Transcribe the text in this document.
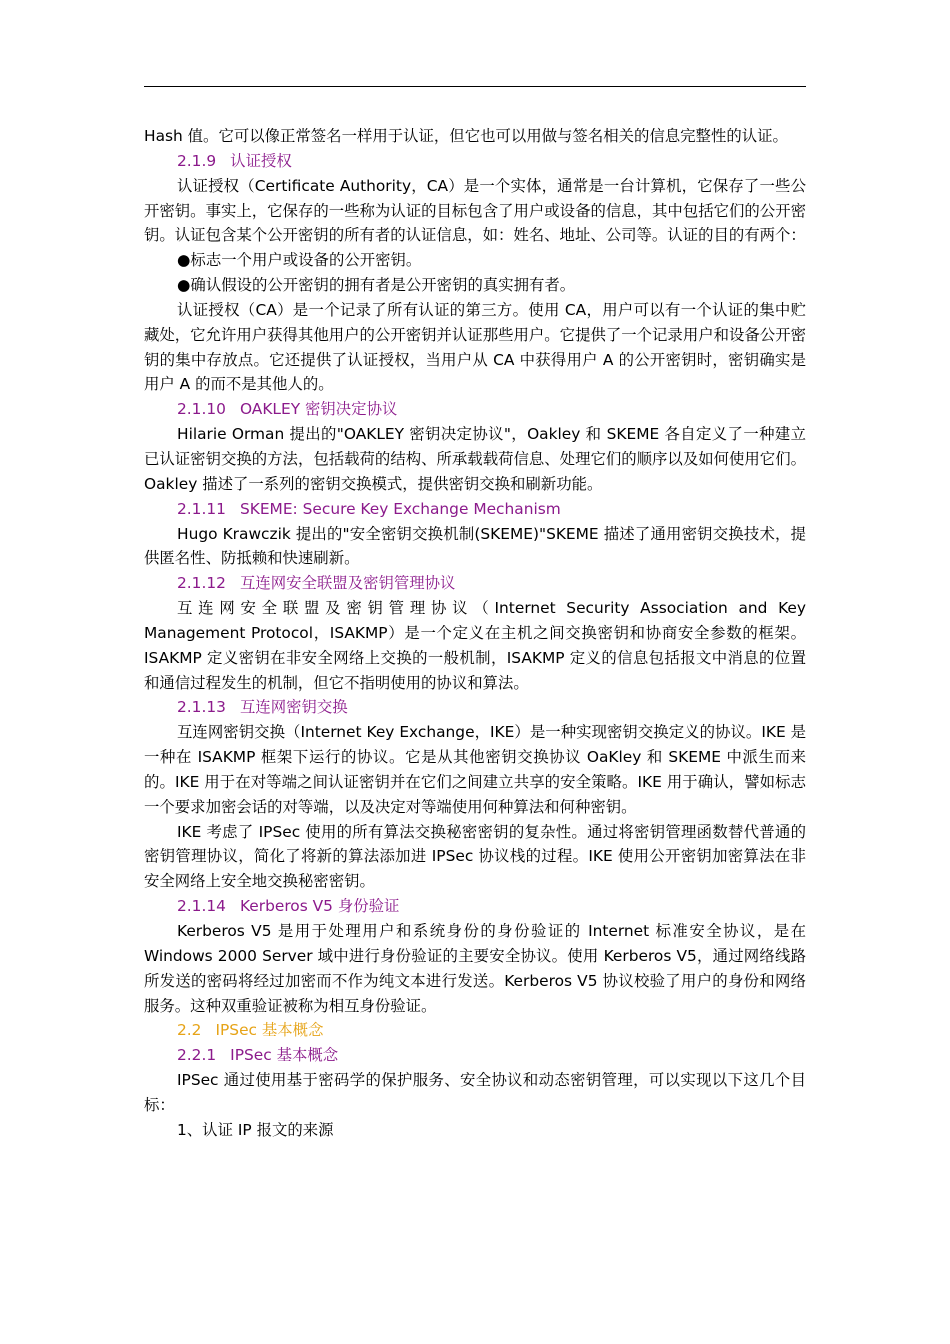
Hash 值。它可以像正常签名一样用于认证，但它也可以用做与签名相关的信息完整性的认证。

2.1.9 认证授权

认证授权（Certificate Authority，CA）是一个实体，通常是一台计算机，它保存了一些公开密钥。事实上，它保存的一些称为认证的目标包含了用户或设备的信息，其中包括它们的公开密钥。认证包含某个公开密钥的所有者的认证信息，如：姓名、地址、公司等。认证的目的有两个：

●标志一个用户或设备的公开密钥。

●确认假设的公开密钥的拥有者是公开密钥的真实拥有者。

认证授权（CA）是一个记录了所有认证的第三方。使用 CA，用户可以有一个认证的集中贮藏处，它允许用户获得其他用户的公开密钥并认证那些用户。它提供了一个记录用户和设备公开密钥的集中存放点。它还提供了认证授权，当用户从 CA 中获得用户 A 的公开密钥时，密钥确实是用户 A 的而不是其他人的。

2.1.10 OAKLEY 密钥决定协议

Hilarie Orman 提出的"OAKLEY 密钥决定协议"，Oakley 和 SKEME 各自定义了一种建立已认证密钥交换的方法，包括载荷的结构、所承载载荷信息、处理它们的顺序以及如何使用它们。Oakley 描述了一系列的密钥交换模式，提供密钥交换和刷新功能。

2.1.11 SKEME: Secure Key Exchange Mechanism

Hugo Krawczik 提出的"安全密钥交换机制(SKEME)"SKEME 描述了通用密钥交换技术，提供匿名性、防抵赖和快速刷新。

2.1.12 互连网安全联盟及密钥管理协议

互连网安全联盟及密钥管理协议（Internet Security Association and Key

Management Protocol，ISAKMP）是一个定义在主机之间交换密钥和协商安全参数的框架。ISAKMP 定义密钥在非安全网络上交换的一般机制，ISAKMP 定义的信息包括报文中消息的位置和通信过程发生的机制，但它不指明使用的协议和算法。

2.1.13 互连网密钥交换

互连网密钥交换（Internet Key Exchange，IKE）是一种实现密钥交换定义的协议。IKE 是一种在 ISAKMP 框架下运行的协议。它是从其他密钥交换协议 OaKley 和 SKEME 中派生而来的。IKE 用于在对等端之间认证密钥并在它们之间建立共享的安全策略。IKE 用于确认，譬如标志一个要求加密会话的对等端，以及决定对等端使用何种算法和何种密钥。

IKE 考虑了 IPSec 使用的所有算法交换秘密密钥的复杂性。通过将密钥管理函数替代普通的密钥管理协议，简化了将新的算法添加进 IPSec 协议栈的过程。IKE 使用公开密钥加密算法在非安全网络上安全地交换秘密密钥。

2.1.14 Kerberos V5 身份验证

Kerberos V5 是用于处理用户和系统身份的身份验证的 Internet 标准安全协议，是在 Windows 2000 Server 域中进行身份验证的主要安全协议。使用 Kerberos V5，通过网络线路所发送的密码将经过加密而不作为纯文本进行发送。Kerberos V5 协议校验了用户的身份和网络服务。这种双重验证被称为相互身份验证。

2.2 IPSec 基本概念
2.2.1 IPSec 基本概念

IPSec 通过使用基于密码学的保护服务、安全协议和动态密钥管理，可以实现以下这几个目标：

1、认证 IP 报文的来源
